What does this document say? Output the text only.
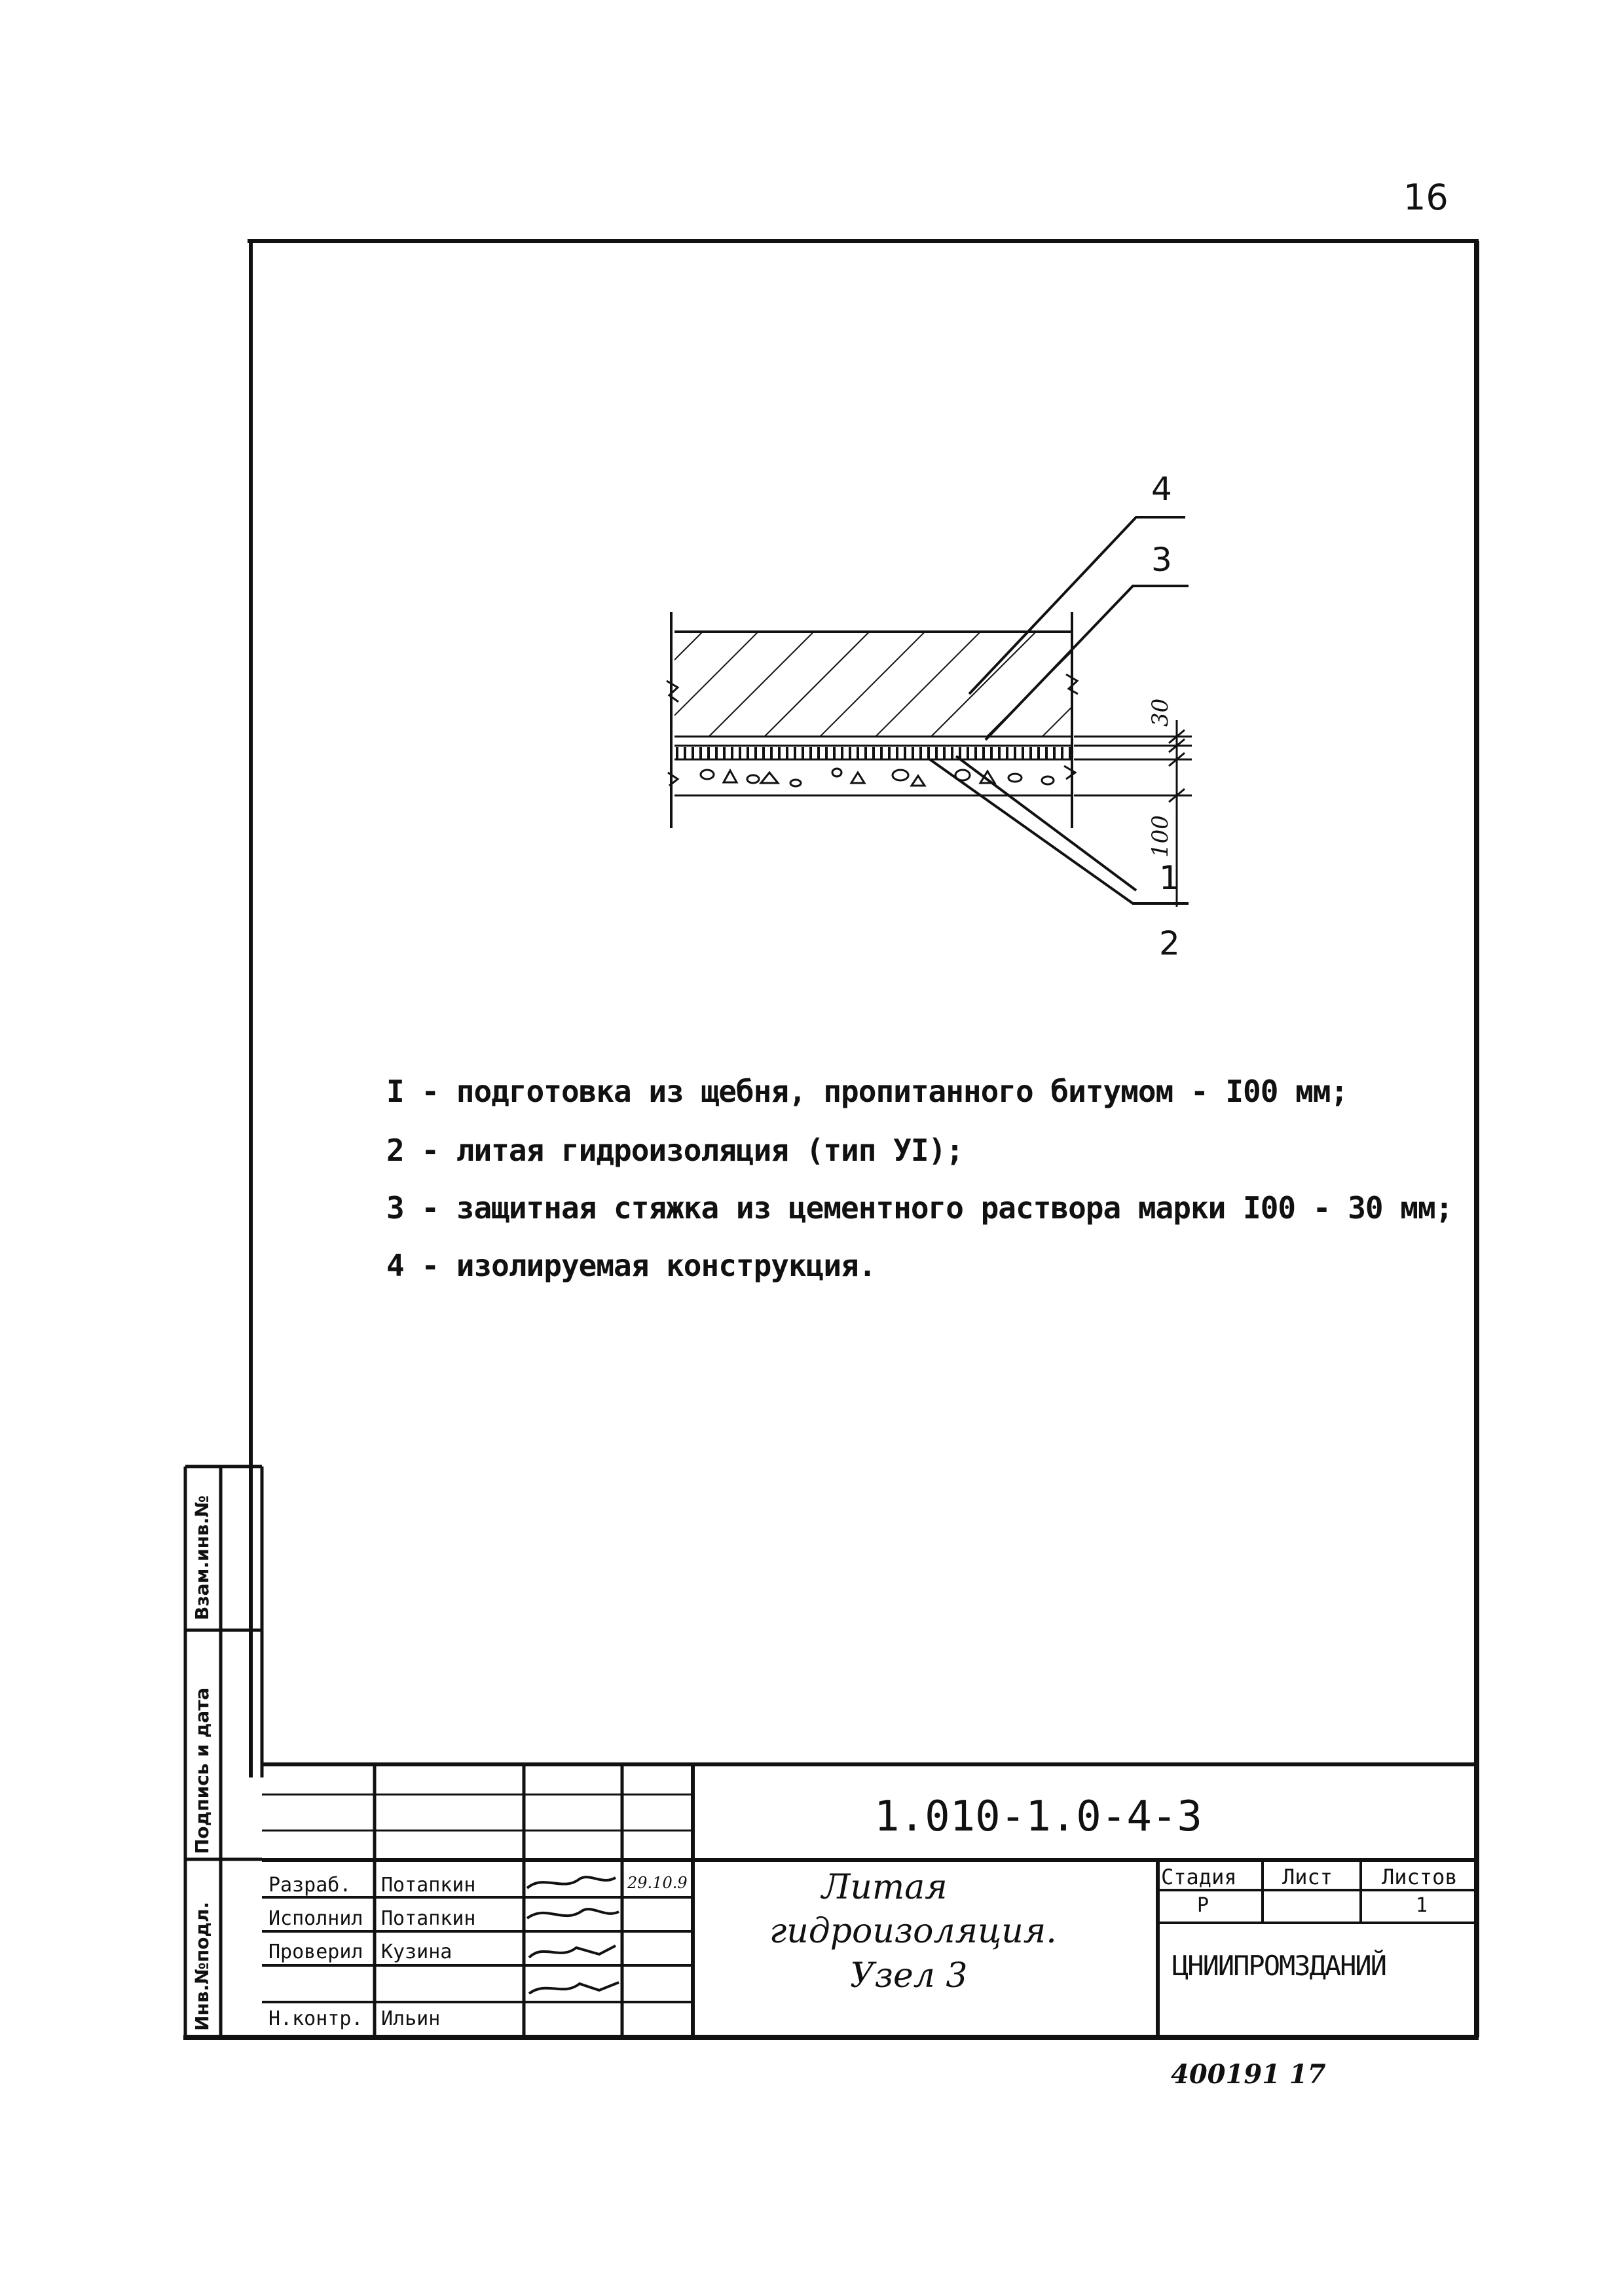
16
4
3
1
2
30
100
I - подготовка из щебня, пропитанного битумом - I00 мм;
2 - литая гидроизоляция (тип УI);
3 - защитная стяжка из цементного раствора марки I00 - 30 мм;
4 - изолируемая конструкция.
Взам.инв.№
Подпись и дата
Инв.№подл.
1.010-1.0-4-3
Литая
гидроизоляция.
Узел 3
Стадия Лист Листов
Р	1
ЦНИИПРОМЗДАНИЙ
Разраб. Потапкин	29.10.9
Исполнил Потапкин
Проверил Кузина
Н.контр. Ильин
400191 17
